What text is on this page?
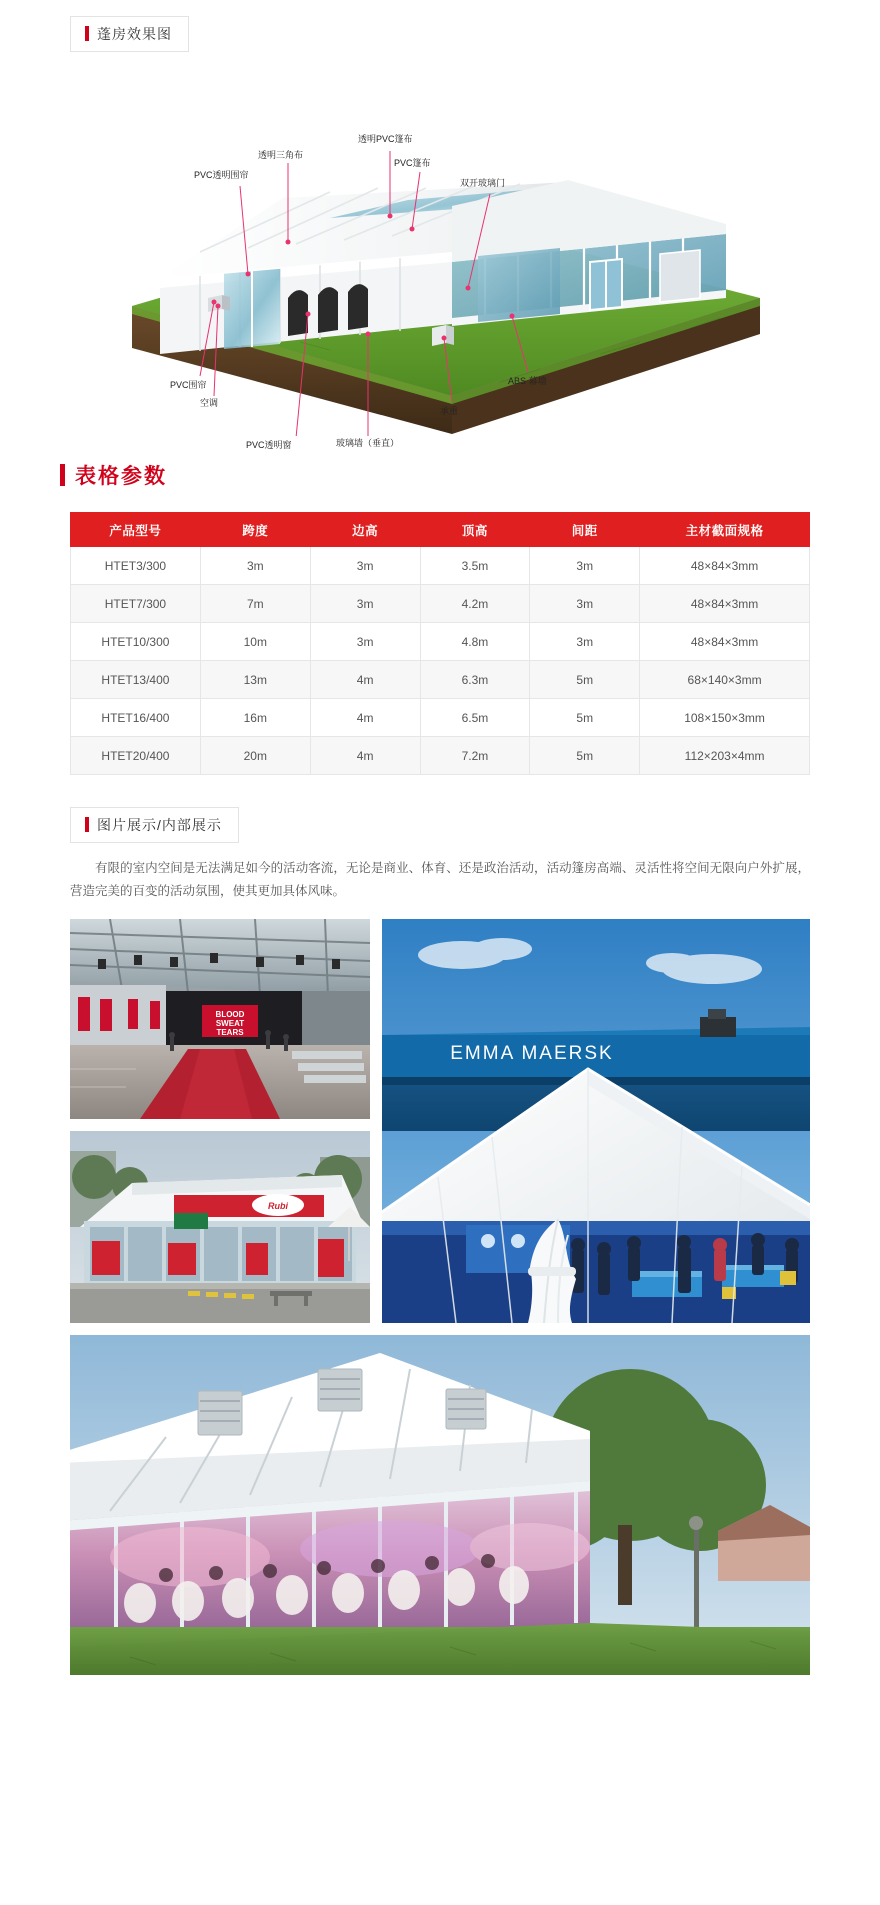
蓬房效果图
PVC透明围帘
透明三角布
透明PVC篷布
PVC篷布
双开玻璃门
ABS 幕墙
承重
玻璃墙（垂直）
PVC透明窗
空调
PVC围帘
表格参数
产品型号	跨度	边高	顶高	间距	主材截面规格
HTET3/300	3m	3m	3.5m	3m	48×84×3mm
HTET7/300	7m	3m	4.2m	3m	48×84×3mm
HTET10/300	10m	3m	4.8m	3m	48×84×3mm
HTET13/400	13m	4m	6.3m	5m	68×140×3mm
HTET16/400	16m	4m	6.5m	5m	108×150×3mm
HTET20/400	20m	4m	7.2m	5m	112×203×4mm
图片展示/内部展示

有限的室内空间是无法满足如今的活动客流，无论是商业、体育、还是政治活动，活动篷房高端、灵活性将空间无限向户外扩展，营造完美的百变的活动氛围，使其更加具体风味。

BLOOD
SWEAT
TEARS
Rubi
EMMA MAERSK
